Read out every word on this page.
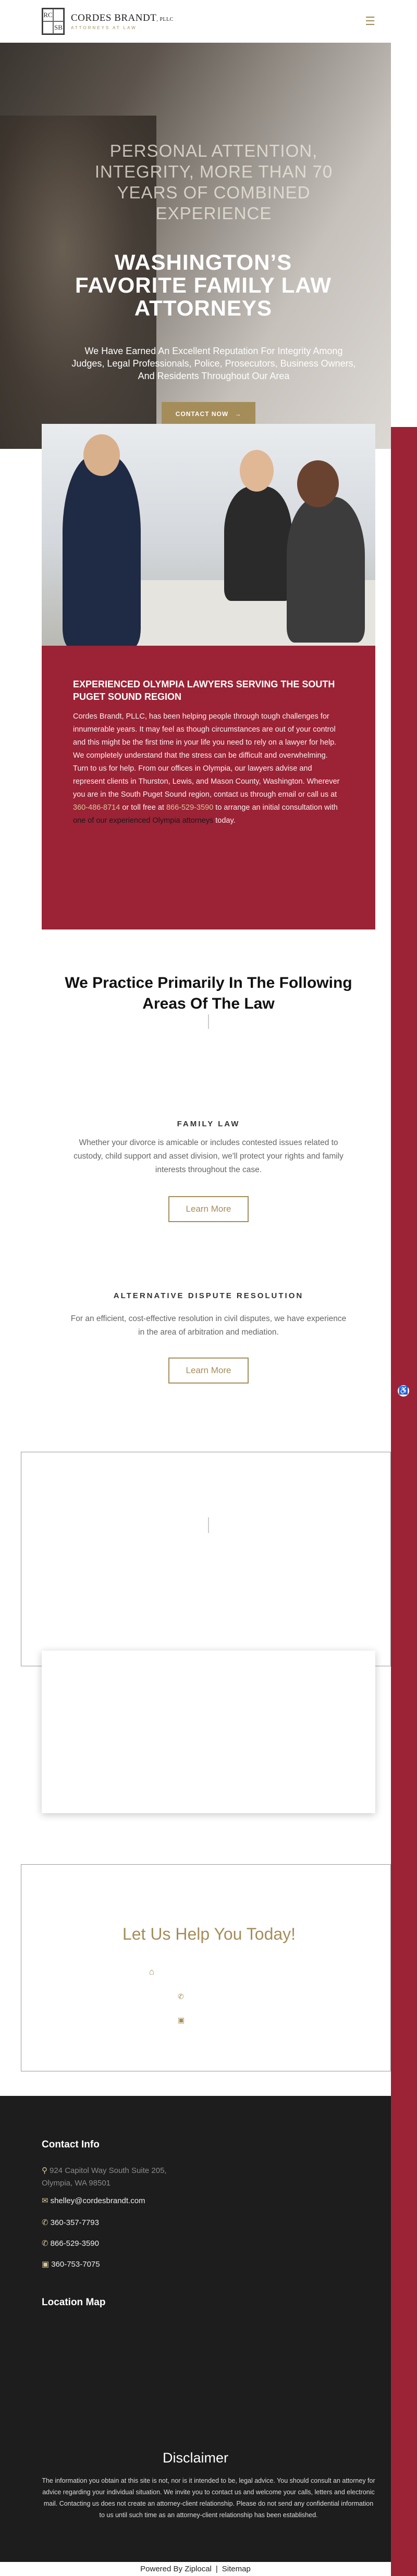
RC
SB
CORDES BRANDT, PLLC
ATTORNEYS AT LAW
☰
PERSONAL ATTENTION, INTEGRITY, MORE THAN 70 YEARS OF COMBINED EXPERIENCE
WASHINGTON’S FAVORITE FAMILY LAW ATTORNEYS
We Have Earned An Excellent Reputation For Integrity Among Judges, Legal Professionals, Police, Prosecutors, Business Owners, And Residents Throughout Our Area
CONTACT NOW →
EXPERIENCED OLYMPIA LAWYERS SERVING THE SOUTH PUGET SOUND REGION

Cordes Brandt, PLLC, has been helping people through tough challenges for innumerable years. It may feel as though circumstances are out of your control and this might be the first time in your life you need to rely on a lawyer for help. We completely understand that the stress can be difficult and overwhelming. Turn to us for help. From our offices in Olympia, our lawyers advise and represent clients in Thurston, Lewis, and Mason County, Washington. Wherever you are in the South Puget Sound region, contact us through email or call us at 360-486-8714 or toll free at 866-529-3590 to arrange an initial consultation with one of our experienced Olympia attorneys today.

We Practice Primarily In The Following Areas Of The Law
FAMILY LAW
Whether your divorce is amicable or includes contested issues related to custody, child support and asset division, we'll protect your rights and family interests throughout the case.
Learn More
ALTERNATIVE DISPUTE RESOLUTION
For an efficient, cost-effective resolution in civil disputes, we have experience in the area of arbitration and mediation.
Learn More
Let Us Help You Today!
⌂
✆
▣
Contact Info
⚲ 924 Capitol Way South Suite 205,
Olympia, WA 98501
✉ shelley@cordesbrandt.com
✆ 360-357-7793
✆ 866-529-3590
▣ 360-753-7075
Location Map
Disclaimer
The information you obtain at this site is not, nor is it intended to be, legal advice. You should consult an attorney for advice regarding your individual situation. We invite you to contact us and welcome your calls, letters and electronic mail. Contacting us does not create an attorney-client relationship. Please do not send any confidential information to us until such time as an attorney-client relationship has been established.
Powered By Ziplocal | Sitemap
♿
